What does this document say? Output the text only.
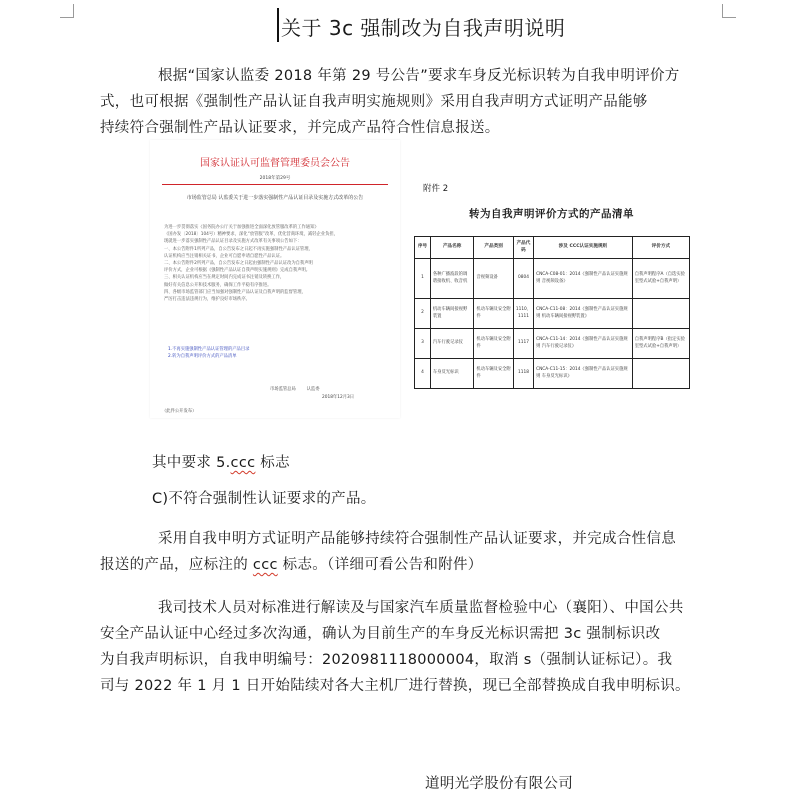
关于 3c 强制改为自我声明说明
根据“国家认监委 2018 年第 29 号公告”要求车身反光标识转为自我申明评价方
式，也可根据《强制性产品认证自我声明实施规则》采用自我声明方式证明产品能够
持续符合强制性产品认证要求，并完成产品符合性信息报送。
国家认证认可监督管理委员会公告
2018年第29号
市场监管总局 认监委关于进一步落实强制性产品认证目录及实施方式改革的公告
为进一步贯彻落实《国务院办公厅关于加强推进全面深化放管服改革的工作通知》
（国办发〔2018〕104号）精神要求，深化“放管服”改革，优化营商环境，减轻企业负担，
现就进一步落实强制性产品认证目录及实施方式改革有关事项公告如下：
一、本公告附件1所列产品，自公告发布之日起不再实施强制性产品认证管理，
认证机构应当注销相关证书，企业可自愿申请自愿性产品认证。
二、本公告附件2所列产品，自公告发布之日起由强制性产品认证改为自我声明
评价方式，企业可根据《强制性产品认证自我声明实施规则》完成自我声明。
三、相关认证机构应当在规定时间内完成证书注销及转换工作，
做好有关信息公开和技术服务，确保工作平稳有序推进。
四、各级市场监管部门应当加强对强制性产品认证及自我声明的监督管理，
严厉打击违法违规行为，维护良好市场秩序。
1.不再实施强制性产品认证管理的产品目录
2.转为自我声明评价方式的产品清单
市场监管总局	认监委
2018年12月3日
（此件公开发布）
附件 2
转为自我声明评价方式的产品清单
序号	产品名称	产品类别	产品代码	涉及 CCC认证实施规则	评价方式
1	各种广播波段的调谐接收机、收音机	音视频设备	0804	CNCA-C08-01：2014《强制性产品认证实施规则 音视频设备》	自我声明程序A（自选实验室型式试验+自我声明）
2	机动车辆间接视野装置	机动车辆及安全附件	1110、1111	CNCA-C11-08：2014《强制性产品认证实施规则 机动车辆间接视野装置》	
3	汽车行驶记录仪	机动车辆及安全附件	1117	CNCA-C11-14：2014《强制性产品认证实施规则 汽车行驶记录仪》	自我声明程序B（指定实验室型式试验+自我声明）
4	车身反光标识	机动车辆及安全附件	1118	CNCA-C11-15：2014《强制性产品认证实施规则 车身反光标识》	
其中要求 5.ccc 标志
C)不符合强制性认证要求的产品。
采用自我申明方式证明产品能够持续符合强制性产品认证要求，并完成合性信息
报送的产品，应标注的 ccc 标志。（详细可看公告和附件）
我司技术人员对标准进行解读及与国家汽车质量监督检验中心（襄阳）、中国公共
安全产品认证中心经过多次沟通，确认为目前生产的车身反光标识需把 3c 强制标识改
为自我声明标识，自我申明编号：2020981118000004，取消 s（强制认证标记）。我
司与 2022 年 1 月 1 日开始陆续对各大主机厂进行替换，现已全部替换成自我申明标识。
道明光学股份有限公司
